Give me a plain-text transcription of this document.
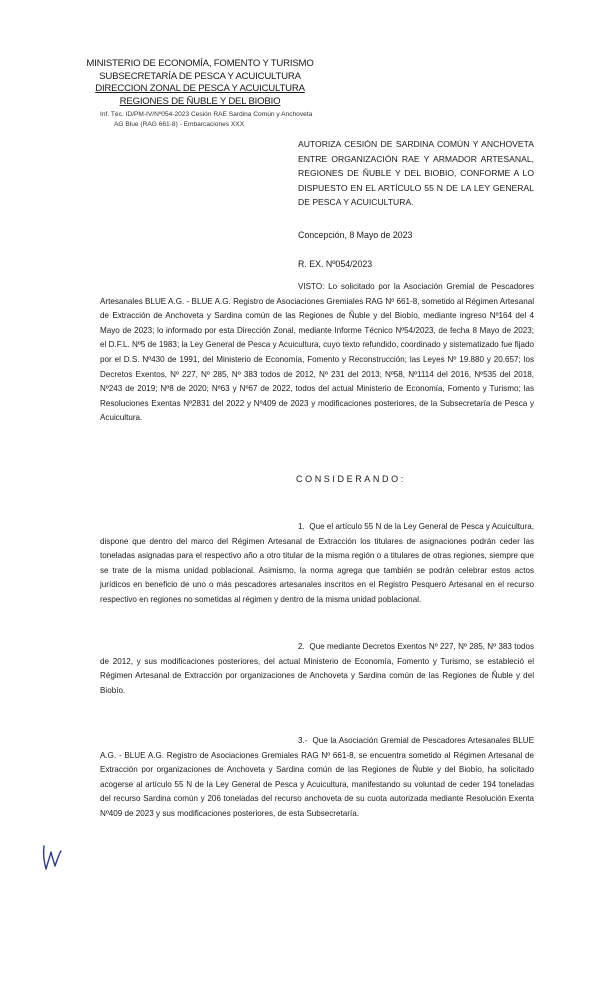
MINISTERIO DE ECONOMÍA, FOMENTO Y TURISMO
SUBSECRETARÍA DE PESCA Y ACUICULTURA
DIRECCION ZONAL DE PESCA Y ACUICULTURA
REGIONES DE ÑUBLE Y DEL BIOBIO
Inf. Téc. ID/PM-IV/Nº054-2023 Cesión RAE Sardina Común y Anchoveta
AG Blue (RAG 661-8) - Embarcaciones XXX
AUTORIZA CESIÓN DE SARDINA COMÚN Y ANCHOVETA ENTRE ORGANIZACIÓN RAE Y ARMADOR ARTESANAL, REGIONES DE ÑUBLE Y DEL BIOBIO, CONFORME A LO DISPUESTO EN EL ARTÍCULO 55 N DE LA LEY GENERAL DE PESCA Y ACUICULTURA.
Concepción, 8 Mayo de 2023
R. EX. Nº054/2023
VISTO: Lo solicitado por la Asociación Gremial de Pescadores Artesanales BLUE A.G. - BLUE A.G. Registro de Asociaciones Gremiales RAG Nº 661-8, sometido al Régimen Artesanal de Extracción de Anchoveta y Sardina común de las Regiones de Ñuble y del Biobío, mediante ingreso Nº164 del 4 Mayo de 2023; lo informado por esta Dirección Zonal, mediante Informe Técnico Nº54/2023, de fecha 8 Mayo de 2023; el D.F.L. Nº5 de 1983; la Ley General de Pesca y Acuicultura, cuyo texto refundido, coordinado y sistematizado fue fijado por el D.S. Nº430 de 1991, del Ministerio de Economía, Fomento y Reconstrucción; las Leyes Nº 19.880 y 20.657; los Decretos Exentos, Nº 227, Nº 285, Nº 383 todos de 2012, Nº 231 del 2013; Nº58, Nº1114 del 2016, Nº535 del 2018, Nº243 de 2019; Nº8 de 2020; Nº63 y Nº67 de 2022, todos del actual Ministerio de Economía, Fomento y Turismo; las Resoluciones Exentas Nº2831 del 2022 y Nº409 de 2023 y modificaciones posteriores, de la Subsecretaría de Pesca y Acuicultura.
CONSIDERANDO:
1. Que el artículo 55 N de la Ley General de Pesca y Acuicultura, dispone que dentro del marco del Régimen Artesanal de Extracción los titulares de asignaciones podrán ceder las toneladas asignadas para el respectivo año a otro titular de la misma región o a titulares de otras regiones, siempre que se trate de la misma unidad poblacional. Asimismo, la norma agrega que también se podrán celebrar estos actos jurídicos en beneficio de uno o más pescadores artesanales inscritos en el Registro Pesquero Artesanal en el recurso respectivo en regiones no sometidas al régimen y dentro de la misma unidad poblacional.
2. Que mediante Decretos Exentos Nº 227, Nº 285, Nº 383 todos de 2012, y sus modificaciones posteriores, del actual Ministerio de Economía, Fomento y Turismo, se estableció el Régimen Artesanal de Extracción por organizaciones de Anchoveta y Sardina común de las Regiones de Ñuble y del Biobío.
3.- Que la Asociación Gremial de Pescadores Artesanales BLUE A.G. - BLUE A.G. Registro de Asociaciones Gremiales RAG Nº 661-8, se encuentra sometido al Régimen Artesanal de Extracción por organizaciones de Anchoveta y Sardina común de las Regiones de Ñuble y del Biobío, ha solicitado acogerse al artículo 55 N de la Ley General de Pesca y Acuicultura, manifestando su voluntad de ceder 194 toneladas del recurso Sardina común y 206 toneladas del recurso anchoveta de su cuota autorizada mediante Resolución Exenta Nº409 de 2023 y sus modificaciones posteriores, de esta Subsecretaría.
